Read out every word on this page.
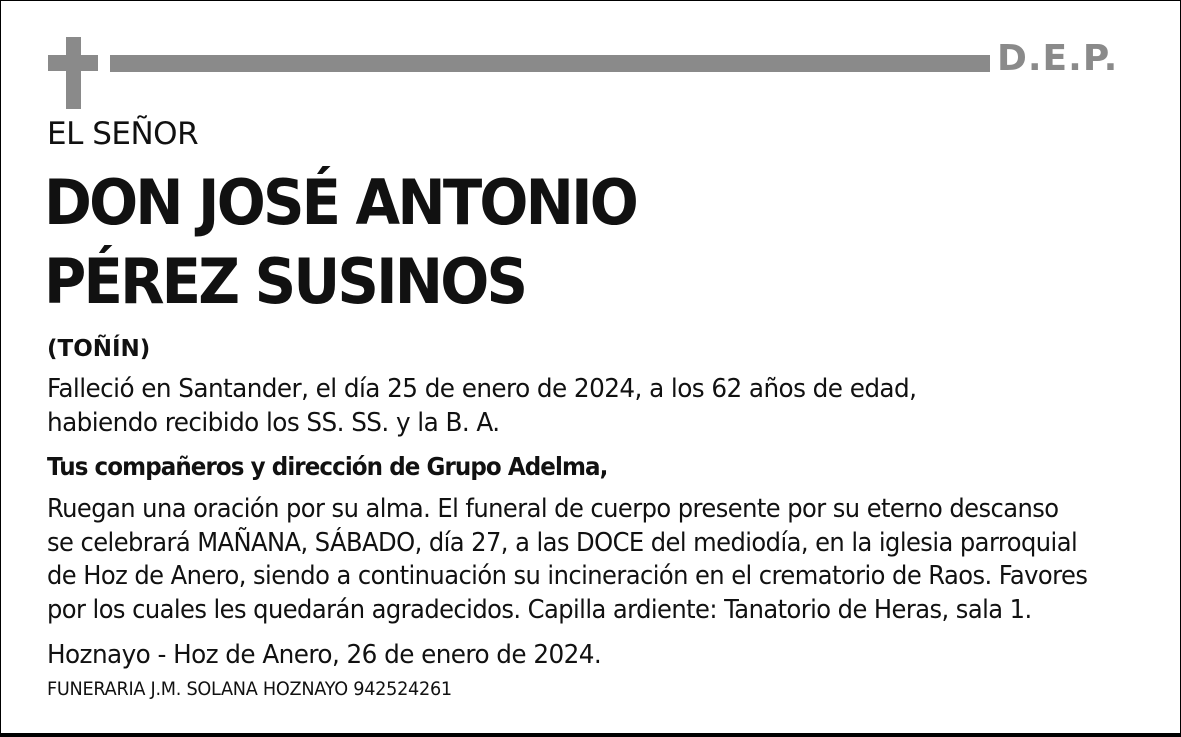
D.E.P.
EL SEÑOR
DON JOSÉ ANTONIO
PÉREZ SUSINOS
(TOÑÍN)
Falleció en Santander, el día 25 de enero de 2024, a los 62 años de edad,
habiendo recibido los SS. SS. y la B. A.
Tus compañeros y dirección de Grupo Adelma,
Ruegan una oración por su alma. El funeral de cuerpo presente por su eterno descanso
se celebrará MAÑANA, SÁBADO, día 27, a las DOCE del mediodía, en la iglesia parroquial
de Hoz de Anero, siendo a continuación su incineración en el crematorio de Raos. Favores
por los cuales les quedarán agradecidos. Capilla ardiente: Tanatorio de Heras, sala 1.
Hoznayo - Hoz de Anero, 26 de enero de 2024.
FUNERARIA J.M. SOLANA HOZNAYO 942524261
